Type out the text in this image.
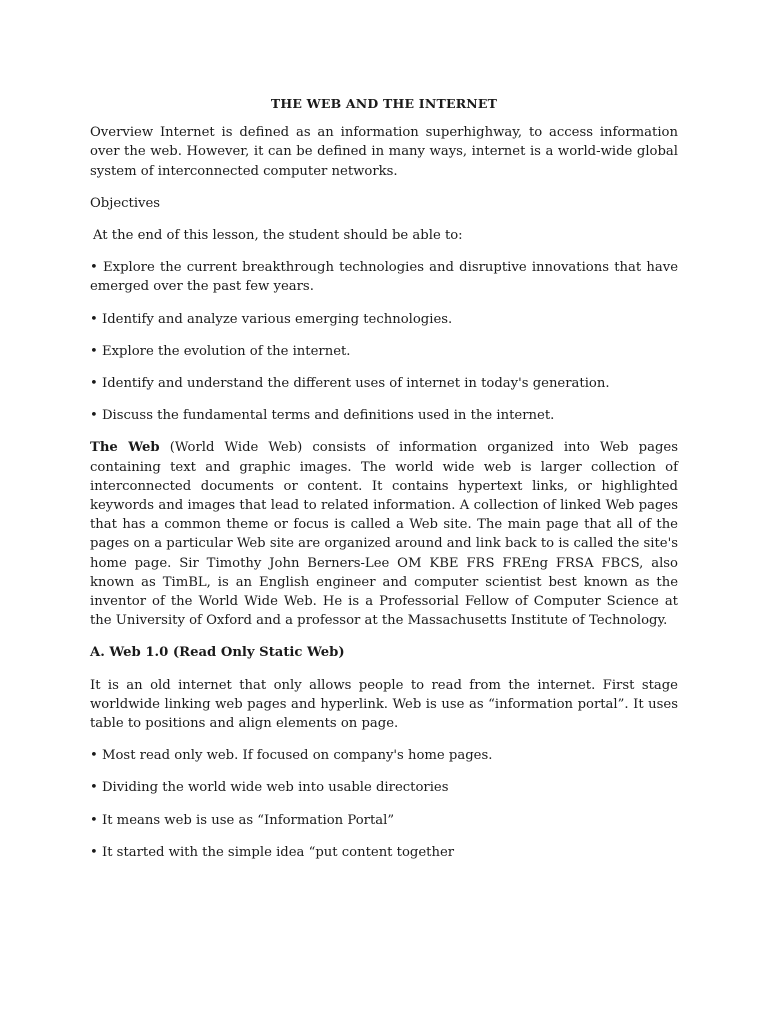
THE WEB AND THE INTERNET

Overview Internet is defined as an information superhighway, to access information over the web. However, it can be defined in many ways, internet is a world-wide global system of interconnected computer networks.

Objectives

At the end of this lesson, the student should be able to:

• Explore the current breakthrough technologies and disruptive innovations that have emerged over the past few years.

• Identify and analyze various emerging technologies.

• Explore the evolution of the internet.

• Identify and understand the different uses of internet in today's generation.

• Discuss the fundamental terms and definitions used in the internet.

The Web (World Wide Web) consists of information organized into Web pages containing text and graphic images. The world wide web is larger collection of interconnected documents or content. It contains hypertext links, or highlighted keywords and images that lead to related information. A collection of linked Web pages that has a common theme or focus is called a Web site. The main page that all of the pages on a particular Web site are organized around and link back to is called the site's home page. Sir Timothy John Berners-Lee OM KBE FRS FREng FRSA FBCS, also known as TimBL, is an English engineer and computer scientist best known as the inventor of the World Wide Web. He is a Professorial Fellow of Computer Science at the University of Oxford and a professor at the Massachusetts Institute of Technology.

A. Web 1.0 (Read Only Static Web)

It is an old internet that only allows people to read from the internet. First stage worldwide linking web pages and hyperlink. Web is use as “information portal”. It uses table to positions and align elements on page.

• Most read only web. If focused on company's home pages.

• Dividing the world wide web into usable directories

• It means web is use as “Information Portal”

• It started with the simple idea “put content together
